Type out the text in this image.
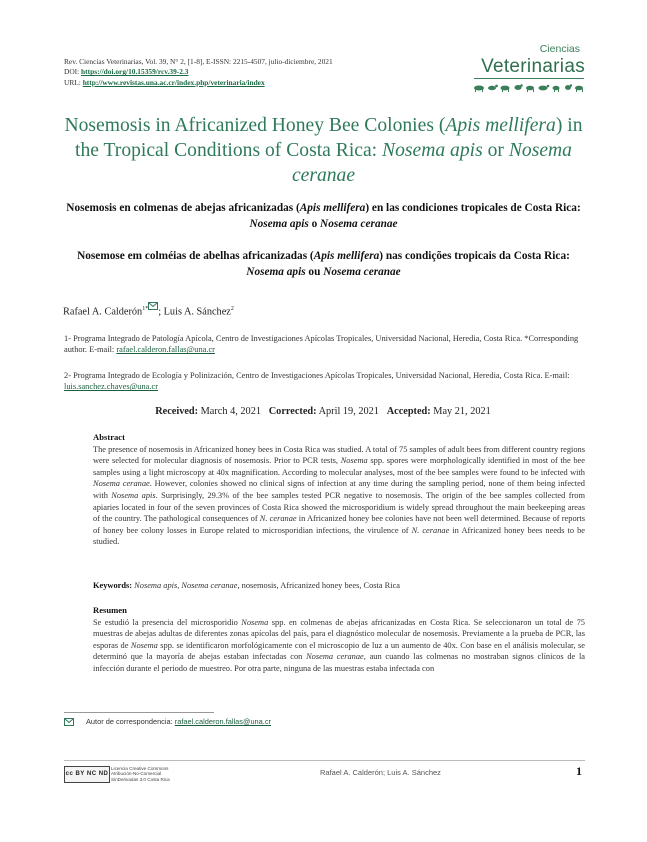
Rev. Ciencias Veterinarias, Vol. 39, N° 2, [1-8], E-ISSN: 2215-4507, julio-diciembre, 2021
DOI: https://doi.org/10.15359/rcv.39-2.3
URL: http://www.revistas.una.ac.cr/index.php/veterinaria/index
Ciencias
Veterinarias
Nosemosis in Africanized Honey Bee Colonies (Apis mellifera) in the Tropical Conditions of Costa Rica: Nosema apis or Nosema ceranae
Nosemosis en colmenas de abejas africanizadas (Apis mellifera) en las condiciones tropicales de Costa Rica: Nosema apis o Nosema ceranae
Nosemose em colméias de abelhas africanizadas (Apis mellifera) nas condições tropicais da Costa Rica: Nosema apis ou Nosema ceranae
Rafael A. Calderón$^{1*}$ ; Luis A. Sánchez$^2$
1- Programa Integrado de Patología Apícola, Centro de Investigaciones Apícolas Tropicales, Universidad Nacional, Heredia, Costa Rica. *Corresponding author. E-mail: rafael.calderon.fallas@una.cr
2- Programa Integrado de Ecología y Polinización, Centro de Investigaciones Apícolas Tropicales, Universidad Nacional, Heredia, Costa Rica. E-mail: luis.sanchez.chaves@una.cr
Received: March 4, 2021 Corrected: April 19, 2021 Accepted: May 21, 2021
Abstract

The presence of nosemosis in Africanized honey bees in Costa Rica was studied. A total of 75 samples of adult bees from different country regions were selected for molecular diagnosis of nosemosis. Prior to PCR tests, Nosema spp. spores were morphologically identified in most of the bee samples using a light microscopy at 40x magnification. According to molecular analyses, most of the bee samples were found to be infected with Nosema ceranae. However, colonies showed no clinical signs of infection at any time during the sampling period, none of them being infected with Nosema apis. Surprisingly, 29.3% of the bee samples tested PCR negative to nosemosis. The origin of the bee samples collected from apiaries located in four of the seven provinces of Costa Rica showed the microsporidium is widely spread throughout the main beekeeping areas of the country. The pathological consequences of N. ceranae in Africanized honey bee colonies have not been well determined. Because of reports of honey bee colony losses in Europe related to microsporidian infections, the virulence of N. ceranae in Africanized honey bees needs to be studied.

Keywords: Nosema apis, Nosema ceranae, nosemosis, Africanized honey bees, Costa Rica
Resumen

Se estudió la presencia del microsporidio Nosema spp. en colmenas de abejas africanizadas en Costa Rica. Se seleccionaron un total de 75 muestras de abejas adultas de diferentes zonas apícolas del país, para el diagnóstico molecular de nosemosis. Previamente a la prueba de PCR, las esporas de Nosema spp. se identificaron morfológicamente con el microscopio de luz a un aumento de 40x. Con base en el análisis molecular, se determinó que la mayoría de abejas estaban infectadas con Nosema ceranae, aun cuando las colmenas no mostraban signos clínicos de la infección durante el periodo de muestreo. Por otra parte, ninguna de las muestras estaba infectada con

Autor de correspondencia: rafael.calderon.fallas@una.cr
cc BY NC ND
Licencia Creative Commons
Atribución-No-Comercial
SinDerivadas 3.0 Costa Rica
Rafael A. Calderón; Luis A. Sánchez	1
